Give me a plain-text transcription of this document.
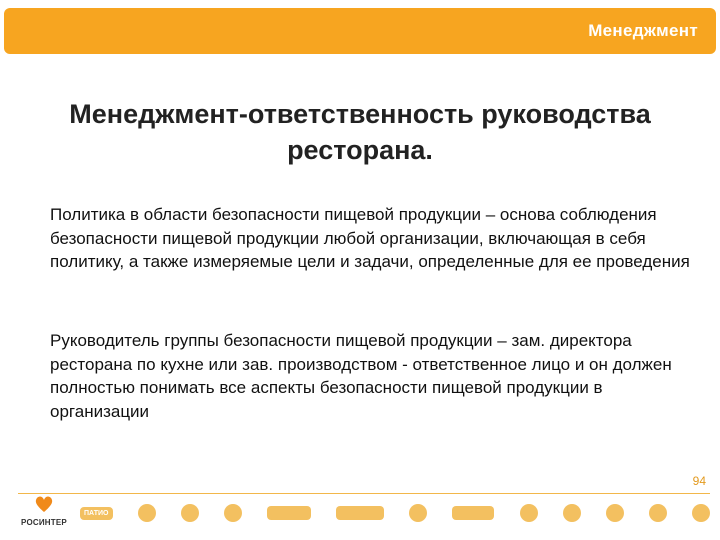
Менеджмент
Менеджмент-ответственность руководства ресторана.
Политика в области безопасности пищевой продукции – основа соблюдения безопасности пищевой продукции любой организации, включающая в себя политику, а также измеряемые цели и задачи, определенные для ее проведения
Руководитель группы безопасности пищевой продукции – зам. директора ресторана по кухне или зав. производством - ответственное лицо и он должен полностью понимать все аспекты безопасности пищевой продукции в организации
94
РОСИНТЕР
ПАТИО
